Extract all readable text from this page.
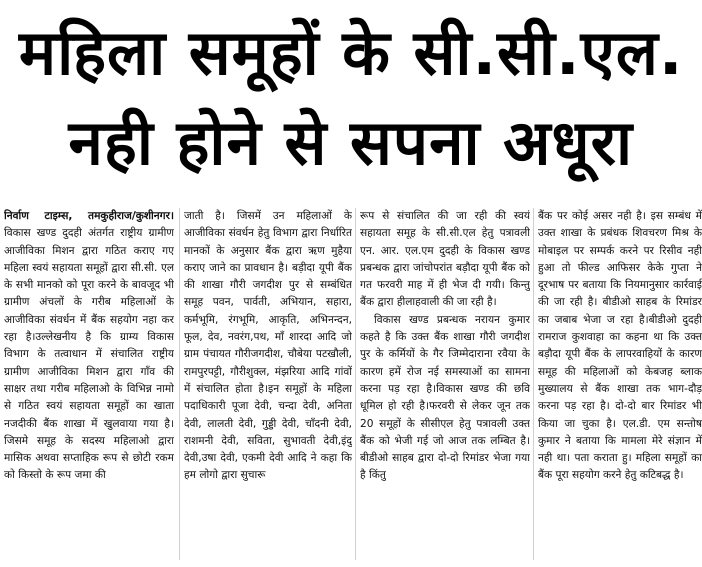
महिला समूहों के सी.सी.एल.
नही होने से सपना अधूरा

निर्वाण टाइम्स, तमकुहीराज/कुशीनगर। विकास खण्ड दुदही अंतर्गत राष्ट्रीय ग्रामीण आजीविका मिशन द्वारा गठित कराए गए महिला स्वयं सहायता समूहों द्वारा सी.सी. एल के सभी मानको को पूरा करने के बावजूद भी ग्रामीण अंचलों के गरीब महिलाओं के आजीविका संवर्धन में बैंक सहयोग नहा कर रहा है।उल्लेखनीय है कि ग्राम्य विकास विभाग के तत्वाधान में संचालित राष्ट्रीय ग्रामीण आजीविका मिशन द्वारा गाँव की साक्षर तथा गरीब महिलाओ के विभिन्न नामो से गठित स्वयं सहायता समूहों का खाता नजदीकी बैंक शाखा में खुलवाया गया है।जिसमे समूह के सदस्य महिलाओ द्वारा मासिक अथवा सप्ताहिक रूप से छोटी रकम को किस्तो के रूप जमा की

जाती है। जिसमें उन महिलाओं के आजीविका संवर्धन हेतु विभाग द्वारा निर्धारित मानकों के अनुसार बैंक द्वारा ऋण मुहैया कराए जाने का प्रावधान है। बड़ीदा यूपी बैंक की शाखा गौरी जगदीश पुर से सम्बंधित समूह पवन, पार्वती, अभियान, सहारा, कर्मभूमि, रंगभूमि, आकृति, अभिनन्दन, फूल, देव, नवरंग,पथ, माँ शारदा आदि जो ग्राम पंचायत गौरीजगदीश, चौबेया पटखौली, रामपुरपट्टी, गौरीशुक्ल, मंझरिया आदि गांवों में संचालित होता है।इन समूहों के महिला पदाधिकारी पूजा देवी, चन्दा देवी, अनिता देवी, लालती देवी, गुड्डी देवी, चाँदनी देवी, राशमनी देवी, सविता, सुभावती देवी,इंदु देवी,उषा देवी, एकमी देवी आदि ने कहा कि हम लोगो द्वारा सुचारू

रूप से संचालित की जा रही की स्वयं सहायता समूह के सी.सी.एल हेतु पत्रावली एन. आर. एल.एम दुदही के विकास खण्ड प्रबन्धक द्वारा जांचोपरांत बड़ौदा यूपी बैंक को गत फरवरी माह में ही भेज दी गयी। किन्तु बैंक द्वारा हीलाहवाली की जा रही है।

विकास खण्ड प्रबन्धक नरायन कुमार कहते है कि उक्त बैंक शाखा गौरी जगदीश पुर के कर्मियों के गैर जिम्मेदाराना रवैया के कारण हमें रोज नई समस्याओं का सामना करना पड़ रहा है।विकास खण्ड की छवि धूमिल हो रही है।फरवरी से लेकर जून तक 20 समूहों के सीसीएल हेतु पत्रावली उक्त बैंक को भेजी गई जो आज तक लम्बित है। बीडीओ साहब द्वारा दो-दो रिमांडर भेजा गया है किंतु

बैंक पर कोई असर नही है। इस सम्बंध में उक्त शाखा के प्रबंधक शिवचरण मिश्र के मोबाइल पर सम्पर्क करने पर रिसीव नही हुआ तो फील्ड आफिसर केके गुप्ता ने दूरभाष पर बताया कि नियमानुसार कार्रवाई की जा रही है। बीडीओ साहब के रिमांडर का जबाब भेजा ज रहा है।बीडीओ दुदही रामराज कुशवाहा का कहना था कि उक्त बड़ौदा यूपी बैंक के लापरवाहियों के कारण समूह की महिलाओं को केबजह ब्लाक मुख्यालय से बैंक शाखा तक भाग-दौड़ करना पड़ रहा है। दो-दो बार रिमांडर भी किया जा चुका है। एल.डी. एम सन्तोष कुमार ने बताया कि मामला मेरे संज्ञान में नही था। पता कराता हु। महिला समूहों का बैंक पूरा सहयोग करने हेतु कटिबद्ध है।
